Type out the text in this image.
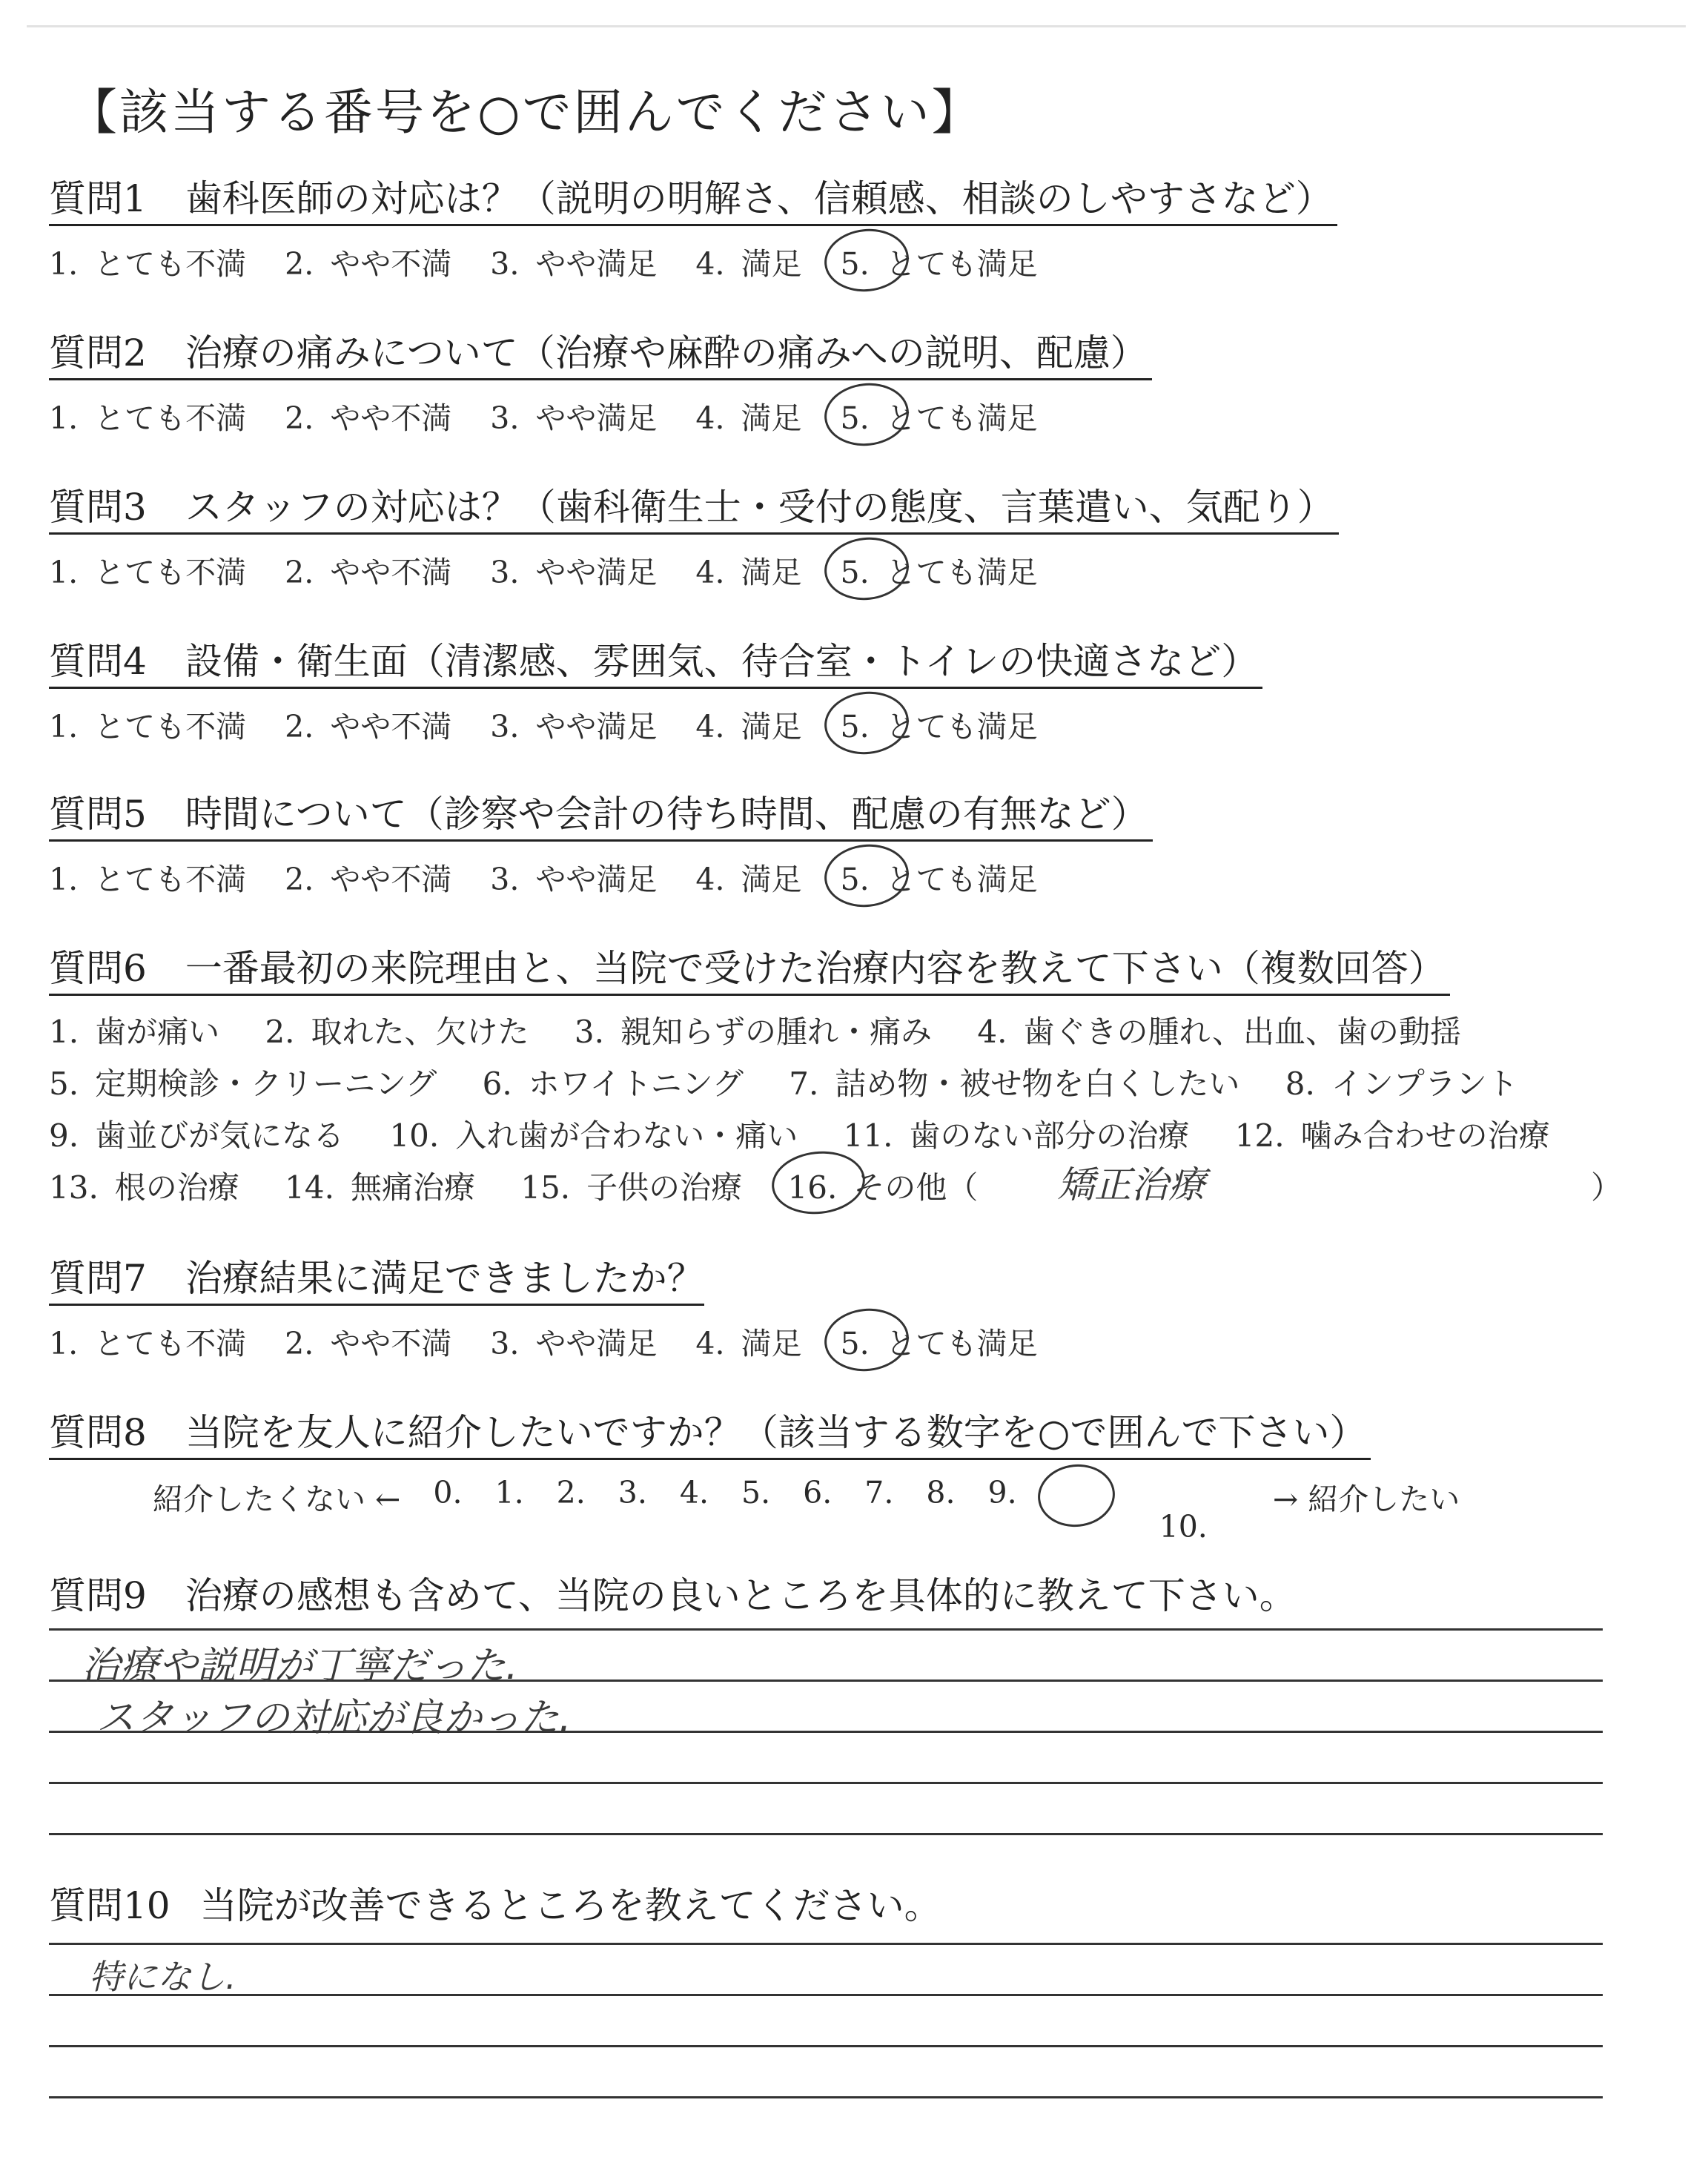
【該当する番号を○で囲んでください】
質問1 歯科医師の対応は？（説明の明解さ、信頼感、相談のしやすさなど）
1. とても不満 2. やや不満 3. やや満足 4. 満足 5. とても満足
質問2 治療の痛みについて（治療や麻酔の痛みへの説明、配慮）
1. とても不満 2. やや不満 3. やや満足 4. 満足 5. とても満足
質問3 スタッフの対応は？（歯科衛生士・受付の態度、言葉遣い、気配り）
1. とても不満 2. やや不満 3. やや満足 4. 満足 5. とても満足
質問4 設備・衛生面（清潔感、雰囲気、待合室・トイレの快適さなど）
1. とても不満 2. やや不満 3. やや満足 4. 満足 5. とても満足
質問5 時間について（診察や会計の待ち時間、配慮の有無など）
1. とても不満 2. やや不満 3. やや満足 4. 満足 5. とても満足
質問6 一番最初の来院理由と、当院で受けた治療内容を教えて下さい（複数回答）
1. 歯が痛い 2. 取れた、欠けた 3. 親知らずの腫れ・痛み 4. 歯ぐきの腫れ、出血、歯の動揺
5. 定期検診・クリーニング 6. ホワイトニング 7. 詰め物・被せ物を白くしたい 8. インプラント
9. 歯並びが気になる 10. 入れ歯が合わない・痛い 11. 歯のない部分の治療 12. 噛み合わせの治療
13. 根の治療 14. 無痛治療 15. 子供の治療 16. その他（ 矯正治療	）
質問7 治療結果に満足できましたか？
1. とても不満 2. やや不満 3. やや満足 4. 満足 5. とても満足
質問8 当院を友人に紹介したいですか？（該当する数字を○で囲んで下さい）
紹介したくない ← 0. 1. 2. 3. 4. 5. 6. 7. 8. 9.
10.
→ 紹介したい
質問9 治療の感想も含めて、当院の良いところを具体的に教えて下さい。
治療や説明が丁寧だった.
スタッフの対応が良かった.
質問10 当院が改善できるところを教えてください。
特になし.
